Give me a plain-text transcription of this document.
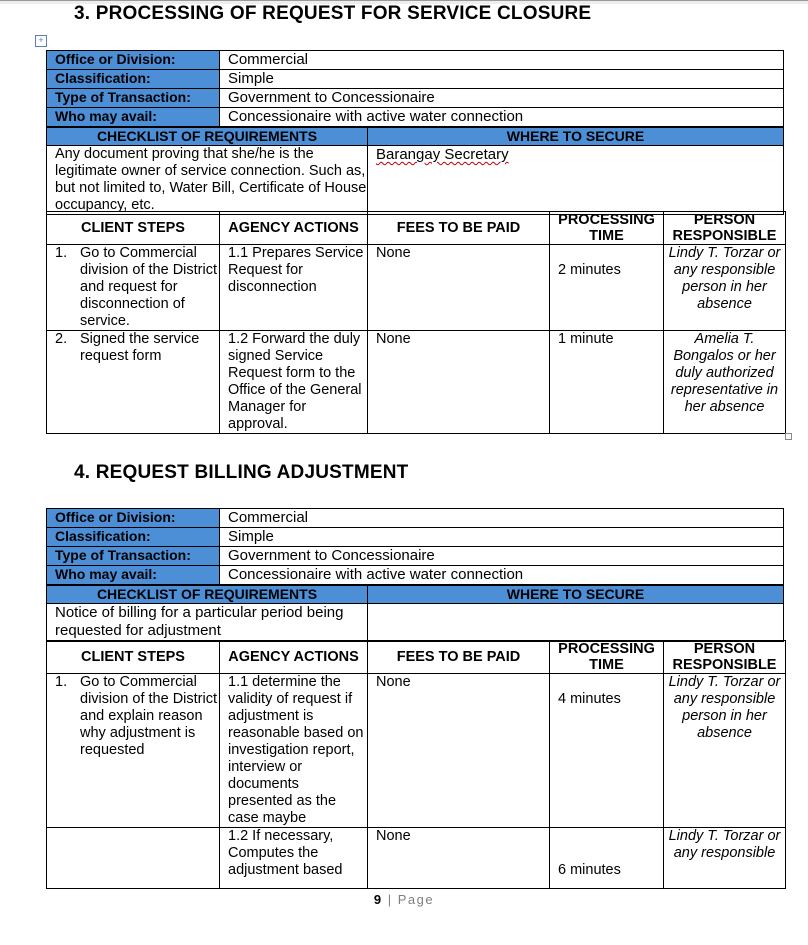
3. PROCESSING OF REQUEST FOR SERVICE CLOSURE
+
Office or Division:	Commercial
Classification:	Simple
Type of Transaction:	Government to Concessionaire
Who may avail:	Concessionaire with active water connection
CHECKLIST OF REQUIREMENTS	WHERE TO SECURE
Any document proving that she/he is the legitimate owner of service connection. Such as, but not limited to, Water Bill, Certificate of House occupancy, etc.	Barangay Secretary
CLIENT STEPS	AGENCY ACTIONS	FEES TO BE PAID	PROCESSING TIME	PERSON RESPONSIBLE

1. Go to Commercial division of the District and request for disconnection of service.	1.1 Prepares Service Request for disconnection	None	2 minutes	Lindy T. Torzar or any responsible person in her absence

2. Signed the service request form	1.2 Forward the duly signed Service Request form to the Office of the General Manager for approval.	None	1 minute	Amelia T. Bongalos or her duly authorized representative in her absence
4. REQUEST BILLING ADJUSTMENT
Office or Division:	Commercial
Classification:	Simple
Type of Transaction:	Government to Concessionaire
Who may avail:	Concessionaire with active water connection
CHECKLIST OF REQUIREMENTS	WHERE TO SECURE
Notice of billing for a particular period being requested for adjustment	
CLIENT STEPS	AGENCY ACTIONS	FEES TO BE PAID	PROCESSING TIME	PERSON RESPONSIBLE

1. Go to Commercial division of the District and explain reason why adjustment is requested	1.1 determine the validity of request if adjustment is reasonable based on investigation report, interview or documents presented as the case maybe	None	4 minutes	Lindy T. Torzar or any responsible person in her absence

	1.2 If necessary, Computes the adjustment based	None	6 minutes	Lindy T. Torzar or any responsible
9 | Page
